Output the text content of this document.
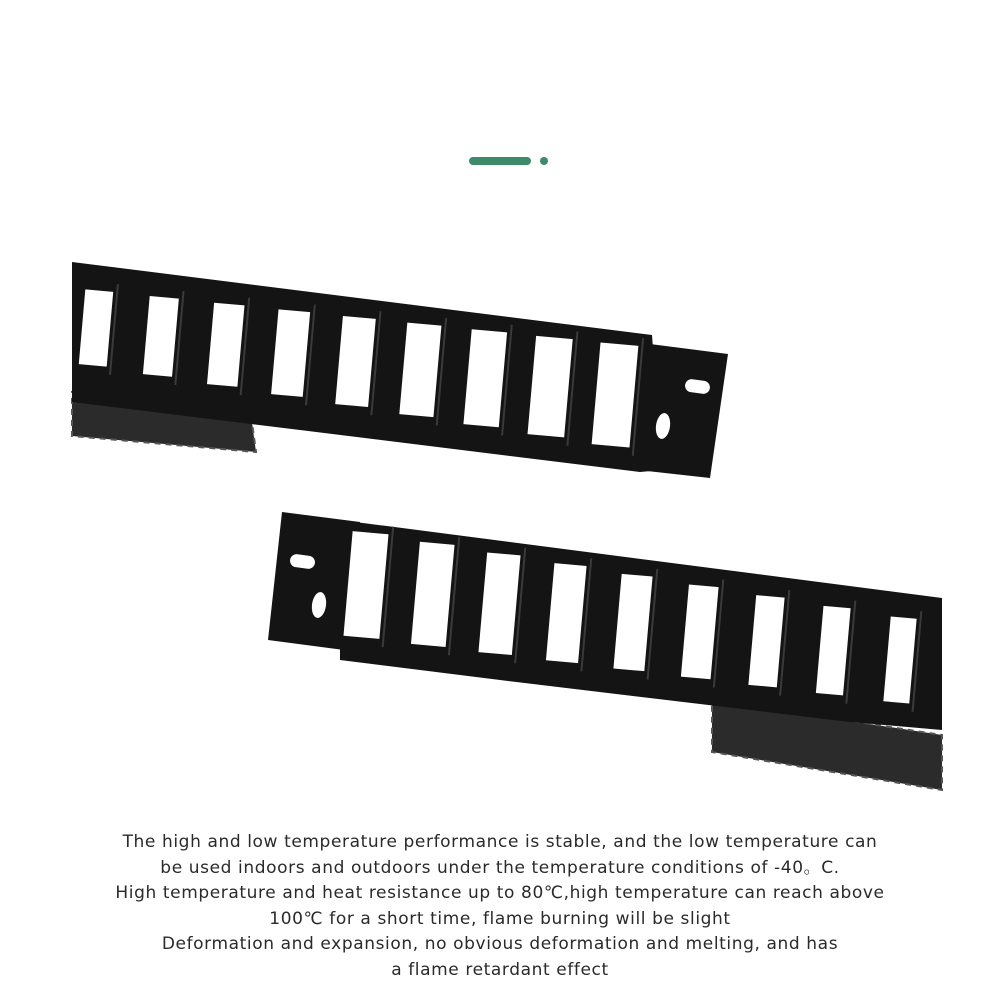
The high and low temperature performance is stable, and the low temperature can
be used indoors and outdoors under the temperature conditions of -40。C.
High temperature and heat resistance up to 80℃,high temperature can reach above
100℃ for a short time, flame burning will be slight
Deformation and expansion, no obvious deformation and melting, and has
a flame retardant effect
